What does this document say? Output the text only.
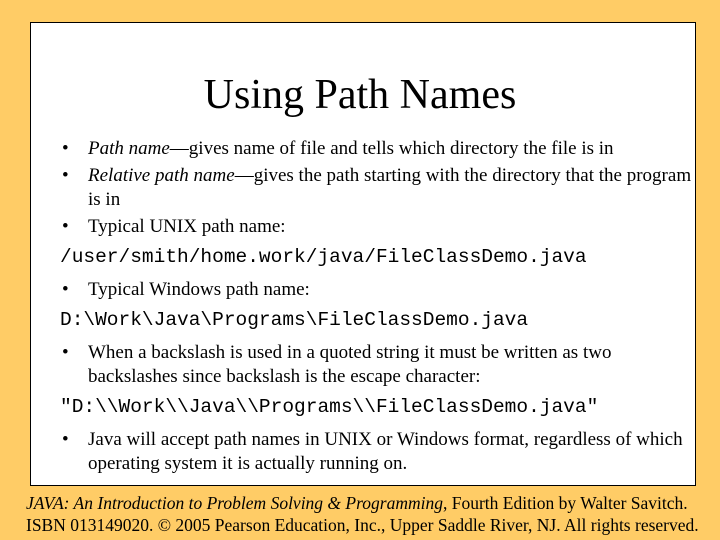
Using Path Names
• Path name—gives name of file and tells which directory the file is in
• Relative path name—gives the path starting with the directory that the program is in
• Typical UNIX path name:
/user/smith/home.work/java/FileClassDemo.java
• Typical Windows path name:
D:\Work\Java\Programs\FileClassDemo.java
• When a backslash is used in a quoted string it must be written as two backslashes since backslash is the escape character:
"D:\\Work\\Java\\Programs\\FileClassDemo.java"
• Java will accept path names in UNIX or Windows format, regardless of which operating system it is actually running on.
JAVA: An Introduction to Problem Solving & Programming, Fourth Edition by Walter Savitch.
ISBN 013149020. © 2005 Pearson Education, Inc., Upper Saddle River, NJ. All rights reserved.
